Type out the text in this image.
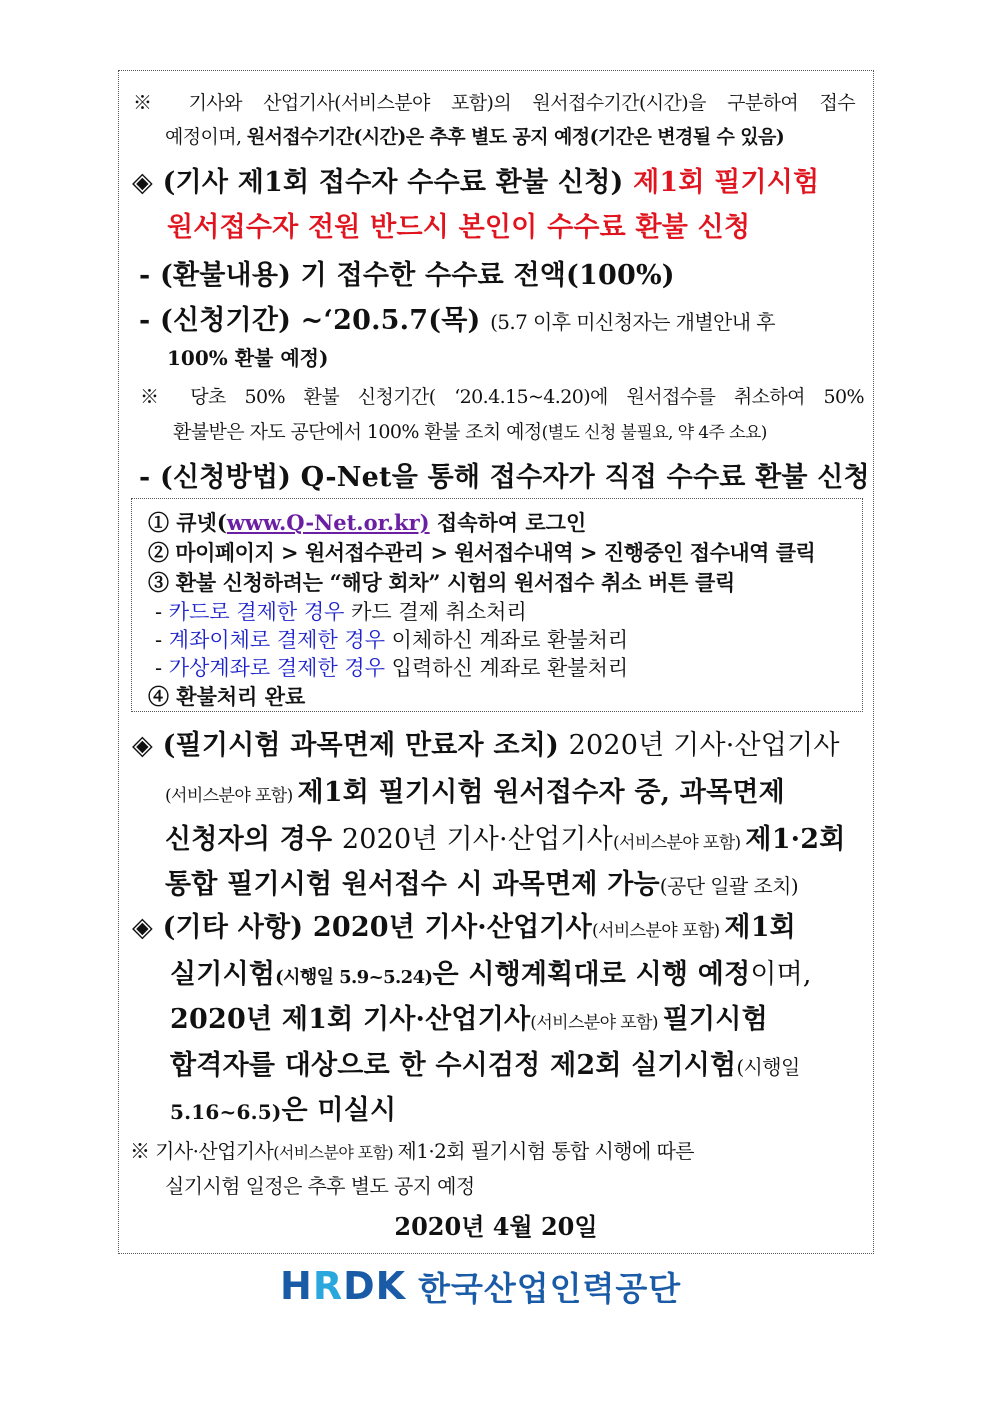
※ 기사와 산업기사(서비스분야 포함)의 원서접수기간(시간)을 구분하여 접수
예정이며, 원서접수기간(시간)은 추후 별도 공지 예정(기간은 변경될 수 있음)
◈ (기사 제1회 접수자 수수료 환불 신청) 제1회 필기시험
원서접수자 전원 반드시 본인이 수수료 환불 신청
- (환불내용) 기 접수한 수수료 전액(100%)
- (신청기간) ~‘20.5.7(목) (5.7 이후 미신청자는 개별안내 후
100% 환불 예정)
※ 당초 50% 환불 신청기간( ‘20.4.15~4.20)에 원서접수를 취소하여 50%
환불받은 자도 공단에서 100% 환불 조치 예정(별도 신청 불필요, 약 4주 소요)
- (신청방법) Q-Net을 통해 접수자가 직접 수수료 환불 신청
① 큐넷(www.Q-Net.or.kr) 접속하여 로그인
② 마이페이지 > 원서접수관리 > 원서접수내역 > 진행중인 접수내역 클릭
③ 환불 신청하려는 “해당 회차” 시험의 원서접수 취소 버튼 클릭
- 카드로 결제한 경우 카드 결제 취소처리
- 계좌이체로 결제한 경우 이체하신 계좌로 환불처리
- 가상계좌로 결제한 경우 입력하신 계좌로 환불처리
④ 환불처리 완료
◈ (필기시험 과목면제 만료자 조치) 2020년 기사·산업기사
(서비스분야 포함) 제1회 필기시험 원서접수자 중, 과목면제
신청자의 경우 2020년 기사·산업기사(서비스분야 포함) 제1·2회
통합 필기시험 원서접수 시 과목면제 가능(공단 일괄 조치)
◈ (기타 사항) 2020년 기사·산업기사(서비스분야 포함) 제1회
실기시험(시행일 5.9~5.24)은 시행계획대로 시행 예정이며,
2020년 제1회 기사·산업기사(서비스분야 포함) 필기시험
합격자를 대상으로 한 수시검정 제2회 실기시험(시행일
5.16~6.5)은 미실시
※ 기사·산업기사(서비스분야 포함) 제1·2회 필기시험 통합 시행에 따른
실기시험 일정은 추후 별도 공지 예정
2020년 4월 20일
HRDK 한국산업인력공단
